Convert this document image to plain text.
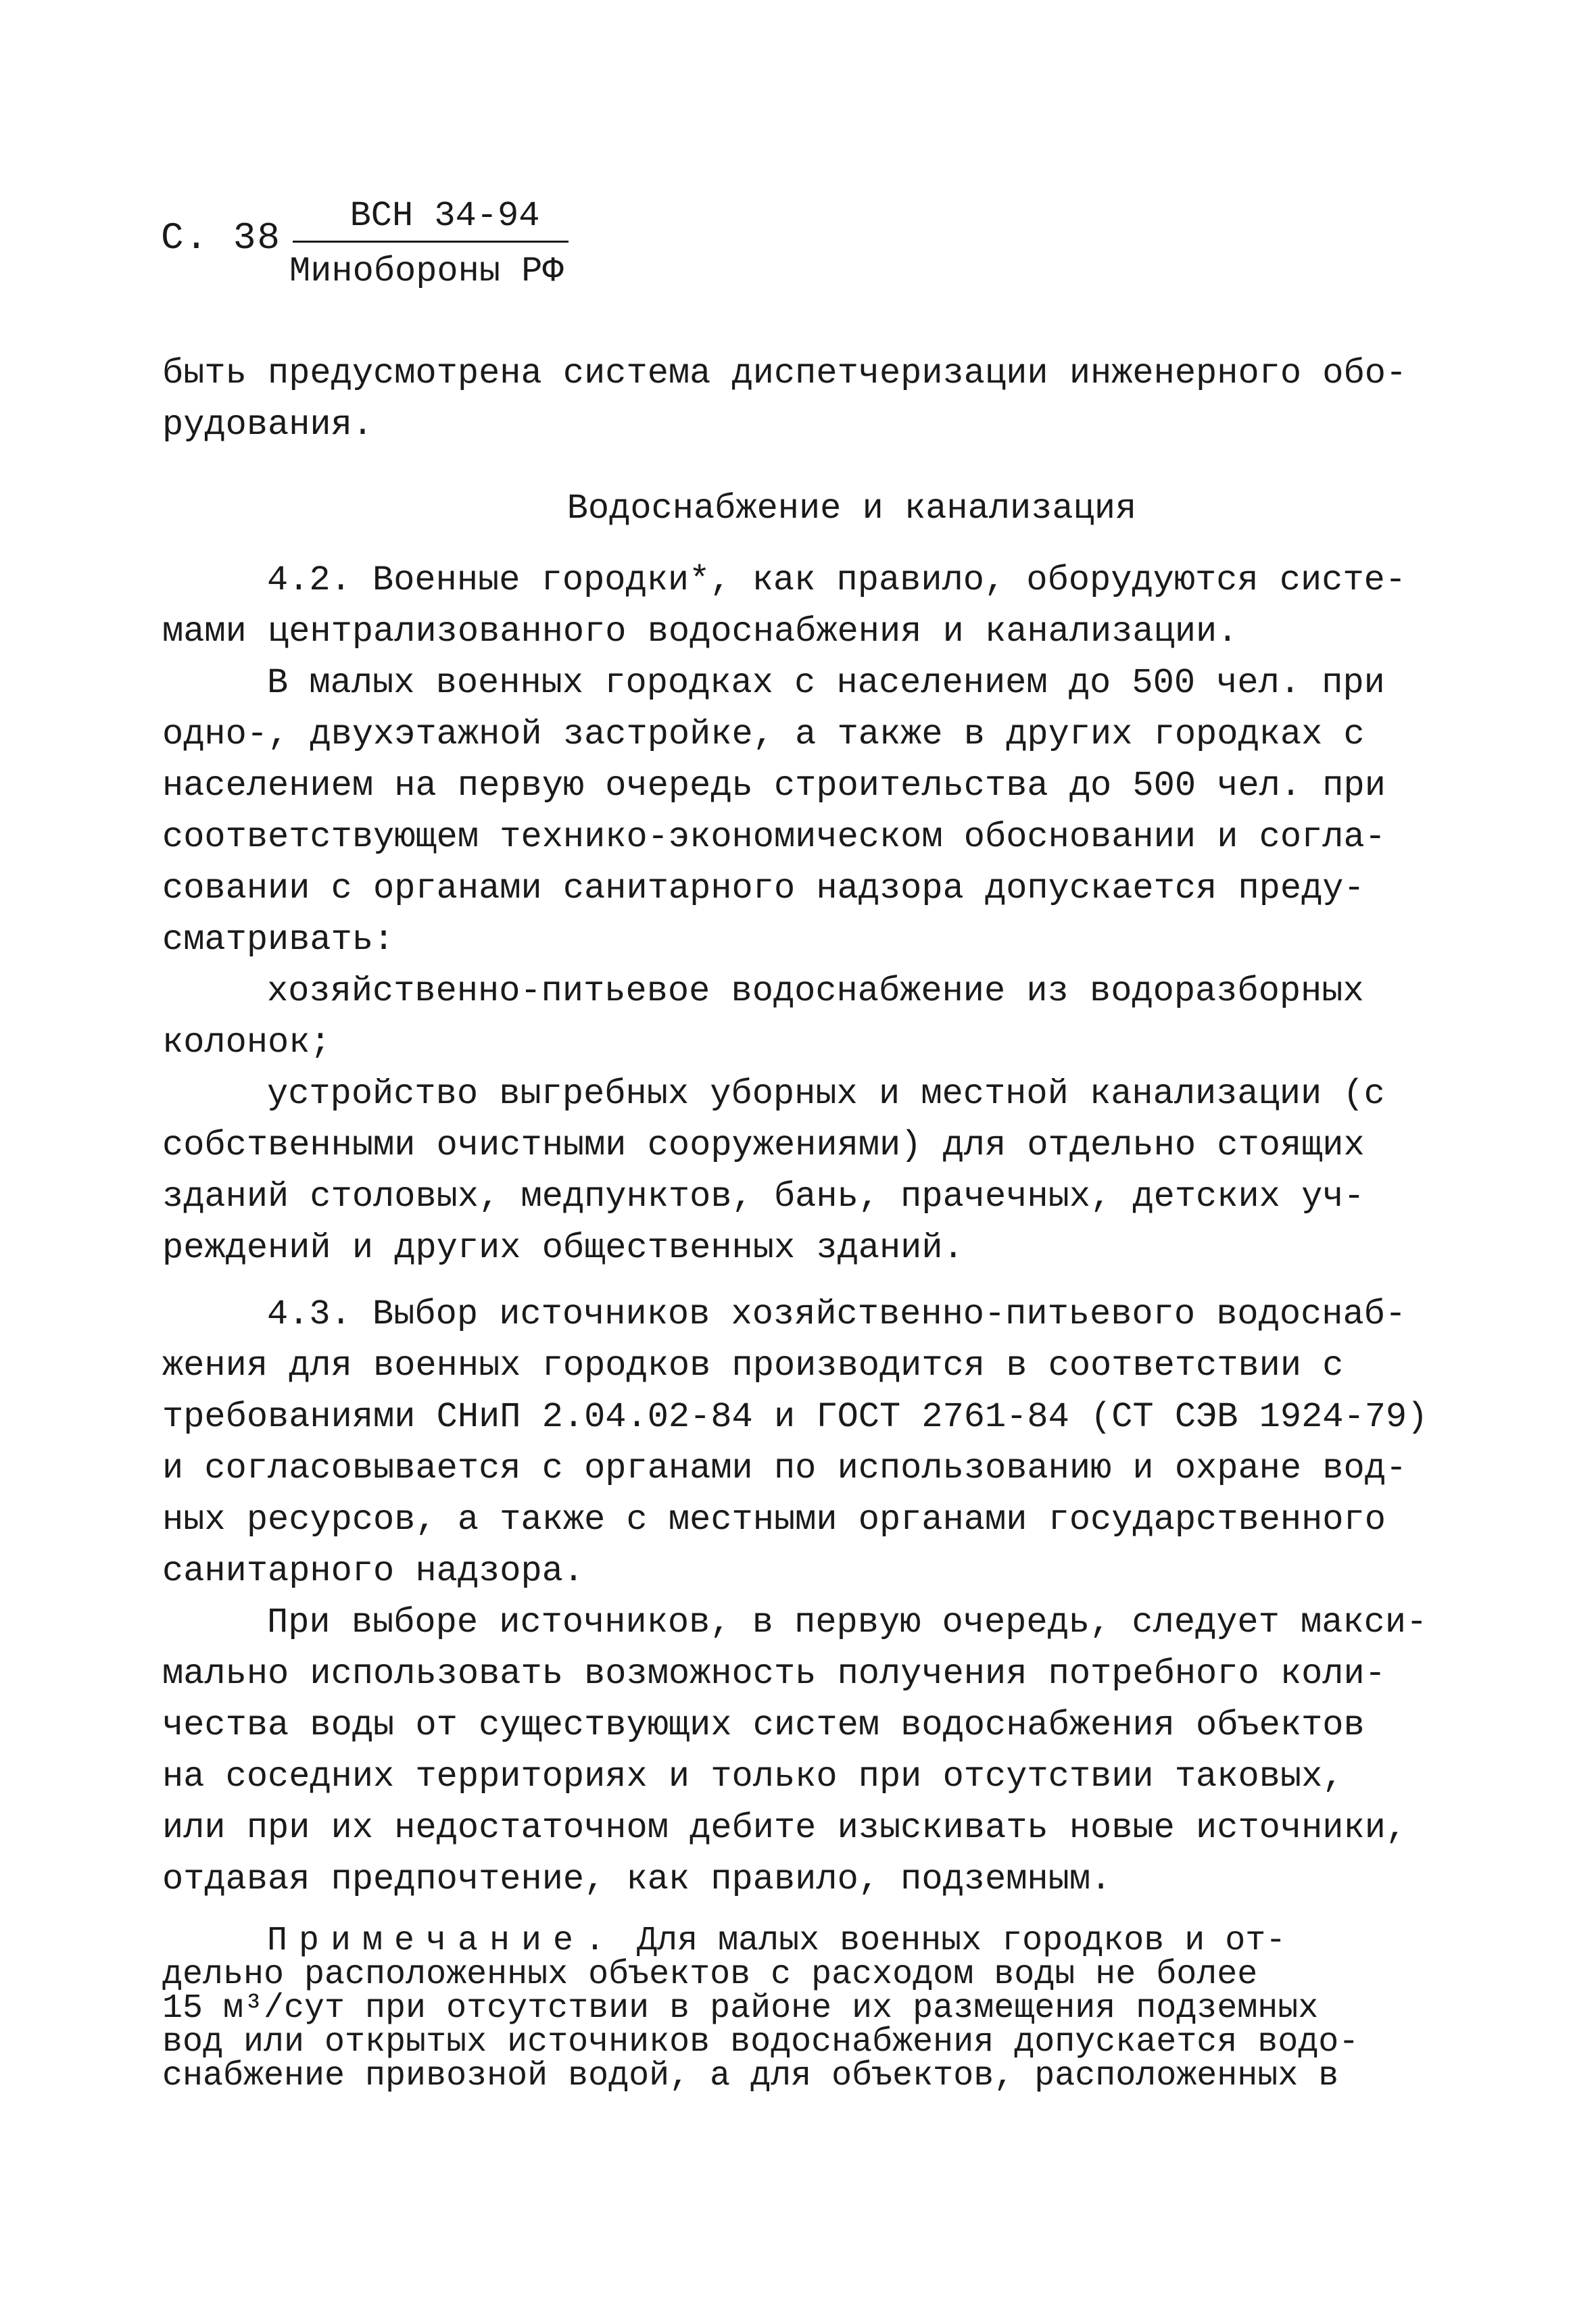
С. 38
ВСН 34-94
Минобороны РФ

быть предусмотрена система диспетчеризации инженерного обо-

рудования.

Водоснабжение и канализация

4.2. Военные городки*, как правило, оборудуются систе-

мами централизованного водоснабжения и канализации.

В малых военных городках с населением до 500 чел. при

одно-, двухэтажной застройке, а также в других городках с

населением на первую очередь строительства до 500 чел. при

соответствующем технико-экономическом обосновании и согла-

совании с органами санитарного надзора допускается преду-

сматривать:

хозяйственно-питьевое водоснабжение из водоразборных

колонок;

устройство выгребных уборных и местной канализации (с

собственными очистными сооружениями) для отдельно стоящих

зданий столовых, медпунктов, бань, прачечных, детских уч-

реждений и других общественных зданий.

4.3. Выбор источников хозяйственно-питьевого водоснаб-

жения для военных городков производится в соответствии с

требованиями СНиП 2.04.02-84 и ГОСТ 2761-84 (СТ СЭВ 1924-79)

и согласовывается с органами по использованию и охране вод-

ных ресурсов, а также с местными органами государственного

санитарного надзора.

При выборе источников, в первую очередь, следует макси-

мально использовать возможность получения потребного коли-

чества воды от существующих систем водоснабжения объектов

на соседних территориях и только при отсутствии таковых,

или при их недостаточном дебите изыскивать новые источники,

отдавая предпочтение, как правило, подземным.

Примечание. Для малых военных городков и от-

дельно расположенных объектов с расходом воды не более

15 м³/сут при отсутствии в районе их размещения подземных

вод или открытых источников водоснабжения допускается водо-

снабжение привозной водой, а для объектов, расположенных в
